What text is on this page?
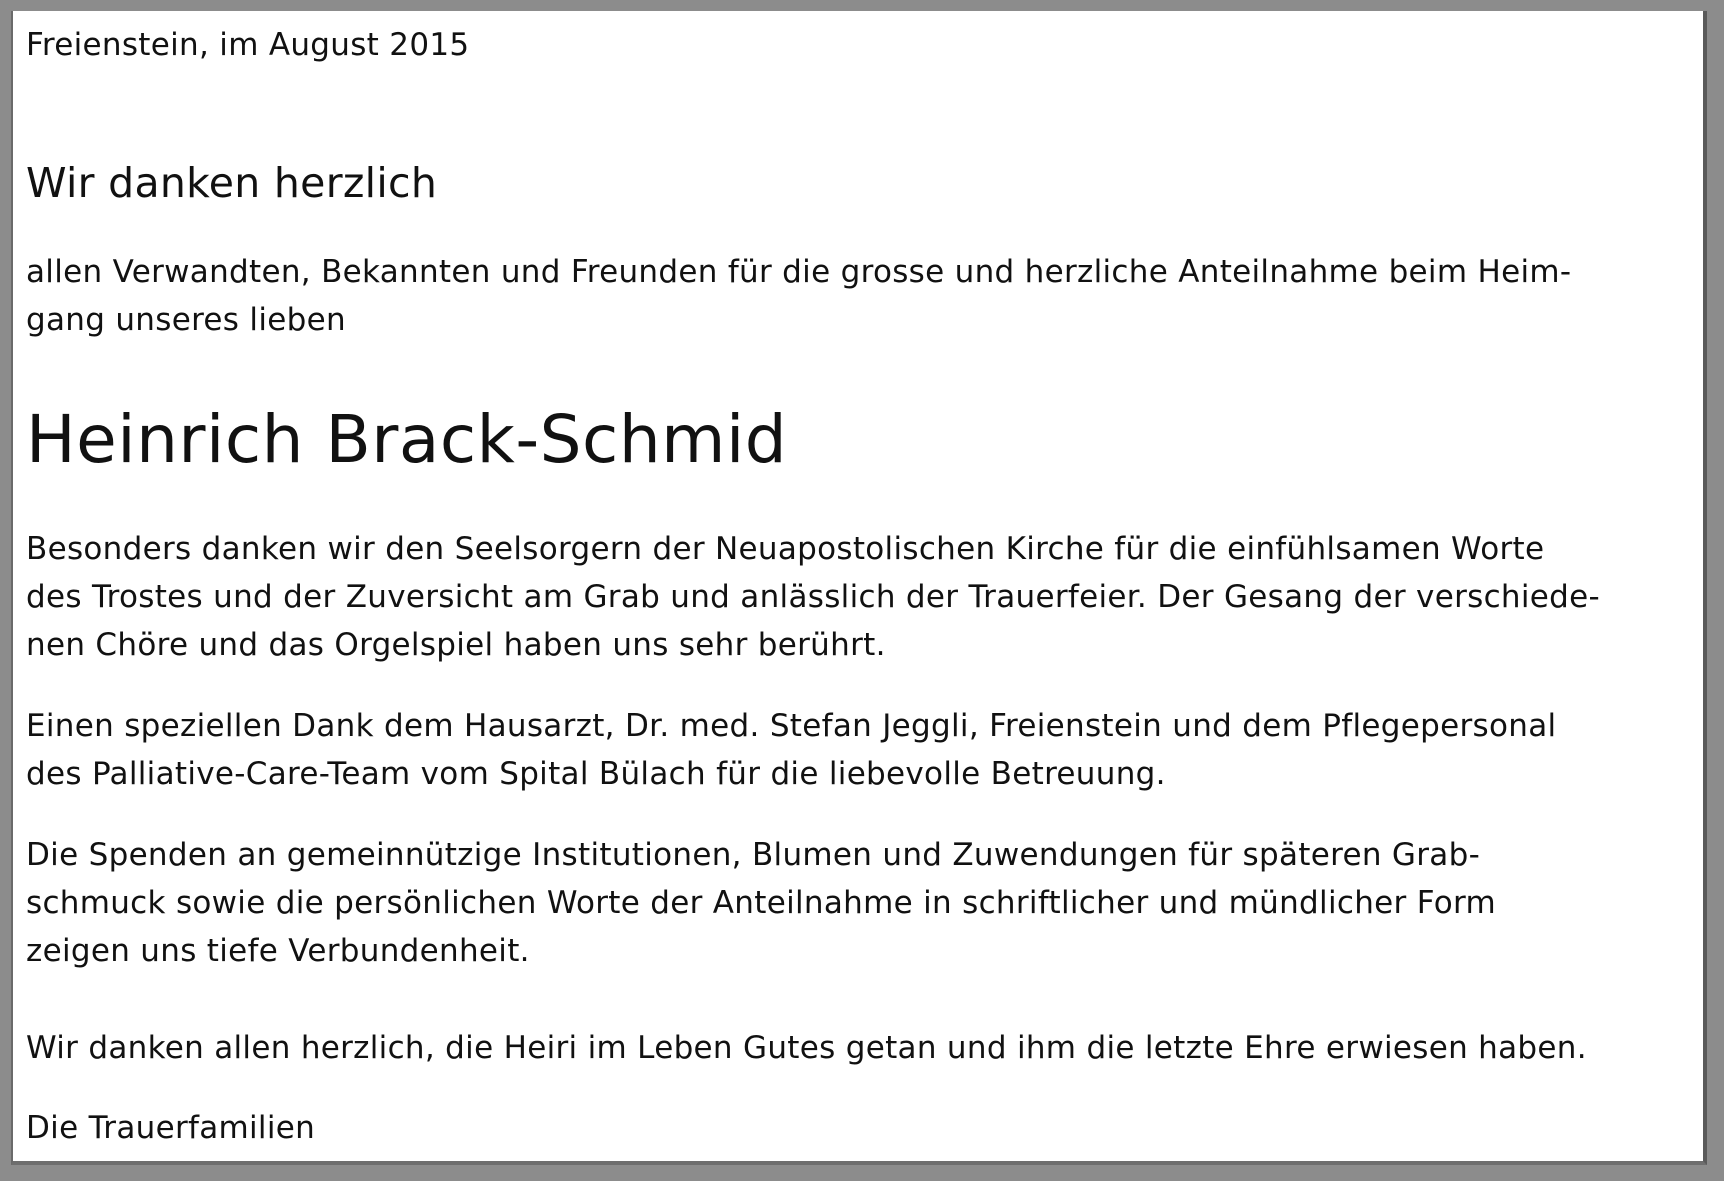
Freienstein, im August 2015

Wir danken herzlich

allen Verwandten, Bekannten und Freunden für die grosse und herzliche Anteilnahme beim Heim-
gang unseres lieben

Heinrich Brack-Schmid

Besonders danken wir den Seelsorgern der Neuapostolischen Kirche für die einfühlsamen Worte
des Trostes und der Zuversicht am Grab und anlässlich der Trauerfeier. Der Gesang der verschiede-
nen Chöre und das Orgelspiel haben uns sehr berührt.

Einen speziellen Dank dem Hausarzt, Dr. med. Stefan Jeggli, Freienstein und dem Pflegepersonal
des Palliative-Care-Team vom Spital Bülach für die liebevolle Betreuung.

Die Spenden an gemeinnützige Institutionen, Blumen und Zuwendungen für späteren Grab-
schmuck sowie die persönlichen Worte der Anteilnahme in schriftlicher und mündlicher Form
zeigen uns tiefe Verbundenheit.

Wir danken allen herzlich, die Heiri im Leben Gutes getan und ihm die letzte Ehre erwiesen haben.

Die Trauerfamilien
